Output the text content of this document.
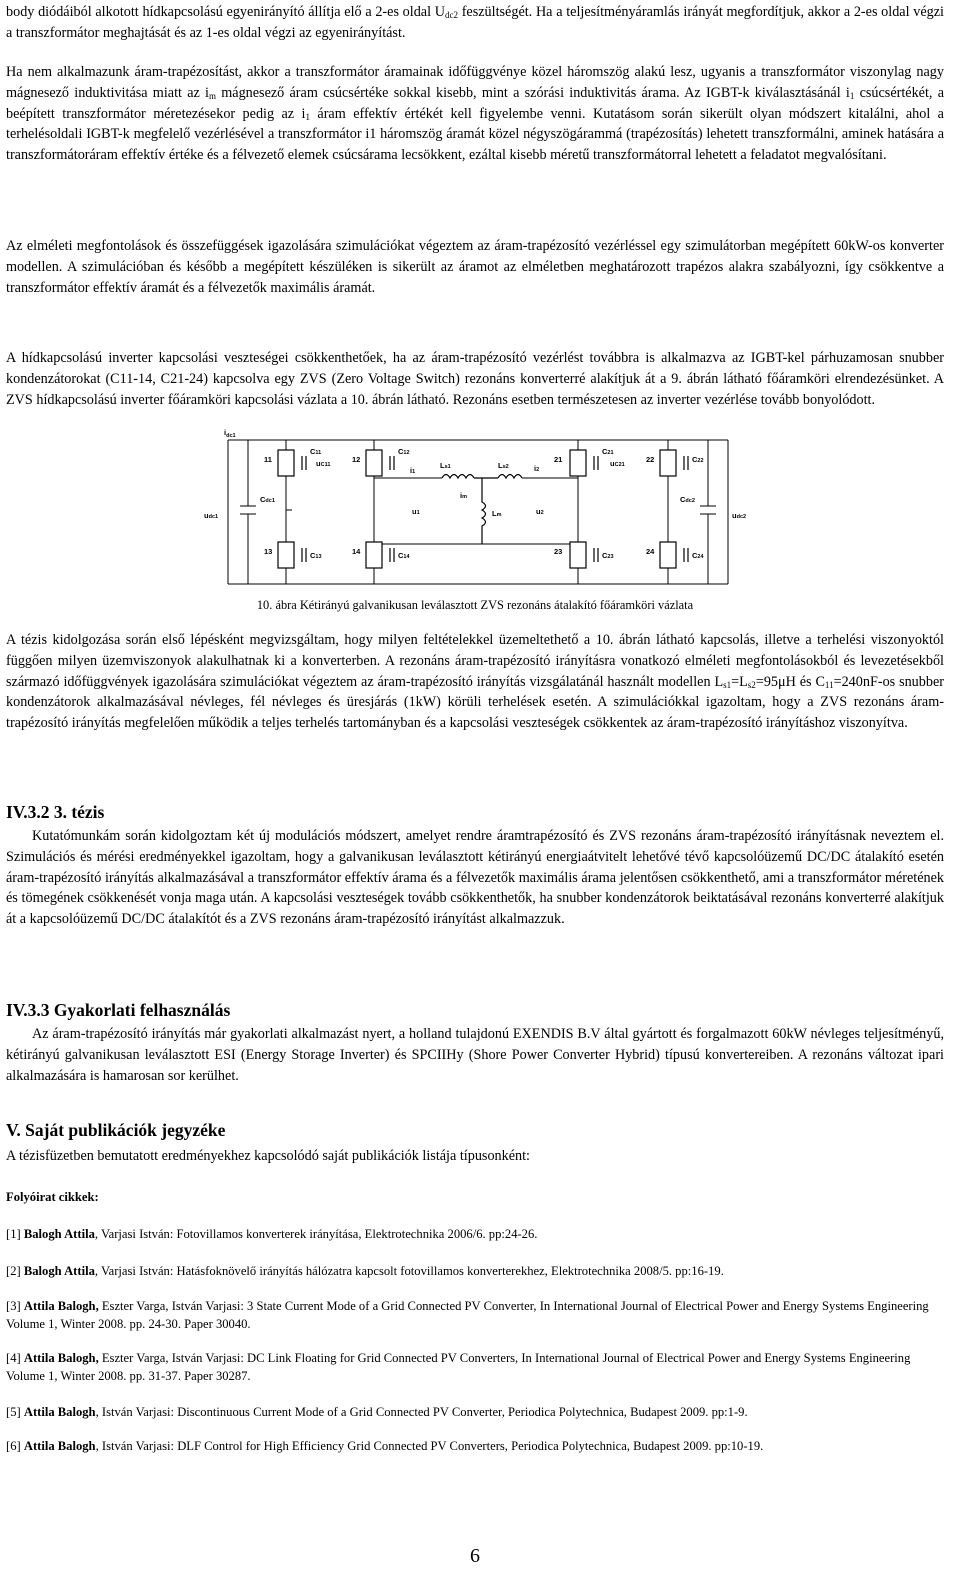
body diódáiból alkotott hídkapcsolású egyenirányító állítja elő a 2-es oldal $U_{dc2}$ feszültségét. Ha a teljesítményáramlás irányát megfordítjuk, akkor a 2-es oldal végzi a transzformátor meghajtását és az 1-es oldal végzi az egyenirányítást.

Ha nem alkalmazunk áram-trapézosítást, akkor a transzformátor áramainak időfüggvénye közel háromszög alakú lesz, ugyanis a transzformátor viszonylag nagy mágnesező induktivitása miatt az $i_m$ mágnesező áram csúcsértéke sokkal kisebb, mint a szórási induktivitás árama. Az IGBT-k kiválasztásánál $i_1$ csúcsértékét, a beépített transzformátor méretezésekor pedig az $i_1$ áram effektív értékét kell figyelembe venni. Kutatásom során sikerült olyan módszert kitalálni, ahol a terhelésoldali IGBT-k megfelelő vezérlésével a transzformátor i1 háromszög áramát közel négyszögárammá (trapézosítás) lehetett transzformálni, aminek hatására a transzformátoráram effektív értéke és a félvezető elemek csúcsárama lecsökkent, ezáltal kisebb méretű transzformátorral lehetett a feladatot megvalósítani.

Az elméleti megfontolások és összefüggések igazolására szimulációkat végeztem az áram-trapézosító vezérléssel egy szimulátorban megépített 60kW-os konverter modellen. A szimulációban és később a megépített készüléken is sikerült az áramot az elméletben meghatározott trapézos alakra szabályozni, így csökkentve a transzformátor effektív áramát és a félvezetők maximális áramát.

A hídkapcsolású inverter kapcsolási veszteségei csökkenthetőek, ha az áram-trapézosító vezérlést továbbra is alkalmazva az IGBT-kel párhuzamosan snubber kondenzátorokat (C11-14, C21-24) kapcsolva egy ZVS (Zero Voltage Switch) rezonáns konverterré alakítjuk át a 9. ábrán látható főáramköri elrendezésünket. A ZVS hídkapcsolású inverter főáramköri kapcsolási vázlata a 10. ábrán látható. Rezonáns esetben természetesen az inverter vezérlése tovább bonyolódott.

$i_{dc1}$
11	12
13	14
21	22
23	24
C11	C12
C13	C14
C21
C22
C23	C24
uC11	uC21
Cdc1	Cdc2
udc1	udc2
Ls1	Ls2
Lm
i1	i2
im
u1	u2
10. ábra Kétirányú galvanikusan leválasztott ZVS rezonáns átalakító főáramköri vázlata

A tézis kidolgozása során első lépésként megvizsgáltam, hogy milyen feltételekkel üzemeltethető a 10. ábrán látható kapcsolás, illetve a terhelési viszonyoktól függően milyen üzemviszonyok alakulhatnak ki a konverterben. A rezonáns áram-trapézosító irányításra vonatkozó elméleti megfontolásokból és levezetésekből származó időfüggvények igazolására szimulációkat végeztem az áram-trapézosító irányítás vizsgálatánál használt modellen $L_{s1}=L_{s2}=95\mu H$ és $C_{11}=240nF-os$ snubber kondenzátorok alkalmazásával névleges, fél névleges és üresjárás (1kW) körüli terhelések esetén. A szimulációkkal igazoltam, hogy a ZVS rezonáns áram-trapézosító irányítás megfelelően működik a teljes terhelés tartományban és a kapcsolási veszteségek csökkentek az áram-trapézosító irányításhoz viszonyítva.

IV.3.2 3. tézis

Kutatómunkám során kidolgoztam két új modulációs módszert, amelyet rendre áramtrapézosító és ZVS rezonáns áram-trapézosító irányításnak neveztem el. Szimulációs és mérési eredményekkel igazoltam, hogy a galvanikusan leválasztott kétirányú energiaátvitelt lehetővé tévő kapcsolóüzemű DC/DC átalakító esetén áram-trapézosító irányítás alkalmazásával a transzformátor effektív árama és a félvezetők maximális árama jelentősen csökkenthető, ami a transzformátor méretének és tömegének csökkenését vonja maga után. A kapcsolási veszteségek tovább csökkenthetők, ha snubber kondenzátorok beiktatásával rezonáns konverterré alakítjuk át a kapcsolóüzemű DC/DC átalakítót és a ZVS rezonáns áram-trapézosító irányítást alkalmazzuk.

IV.3.3 Gyakorlati felhasználás

Az áram-trapézosító irányítás már gyakorlati alkalmazást nyert, a holland tulajdonú EXENDIS B.V által gyártott és forgalmazott 60kW névleges teljesítményű, kétirányú galvanikusan leválasztott ESI (Energy Storage Inverter) és SPCIIHy (Shore Power Converter Hybrid) típusú konvertereiben. A rezonáns változat ipari alkalmazására is hamarosan sor kerülhet.

V. Saját publikációk jegyzéke

A tézisfüzetben bemutatott eredményekhez kapcsolódó saját publikációk listája típusonként:

Folyóirat cikkek:
[1] Balogh Attila, Varjasi István: Fotovillamos konverterek irányítása, Elektrotechnika 2006/6. pp:24-26.
[2] Balogh Attila, Varjasi István: Hatásfoknövelő irányítás hálózatra kapcsolt fotovillamos konverterekhez, Elektrotechnika 2008/5. pp:16-19.
[3] Attila Balogh, Eszter Varga, István Varjasi: 3 State Current Mode of a Grid Connected PV Converter, In International Journal of Electrical Power and Energy Systems Engineering Volume 1, Winter 2008. pp. 24-30. Paper 30040.
[4] Attila Balogh, Eszter Varga, István Varjasi: DC Link Floating for Grid Connected PV Converters, In International Journal of Electrical Power and Energy Systems Engineering Volume 1, Winter 2008. pp. 31-37. Paper 30287.
[5] Attila Balogh, István Varjasi: Discontinuous Current Mode of a Grid Connected PV Converter, Periodica Polytechnica, Budapest 2009. pp:1-9.
[6] Attila Balogh, István Varjasi: DLF Control for High Efficiency Grid Connected PV Converters, Periodica Polytechnica, Budapest 2009. pp:10-19.
6
